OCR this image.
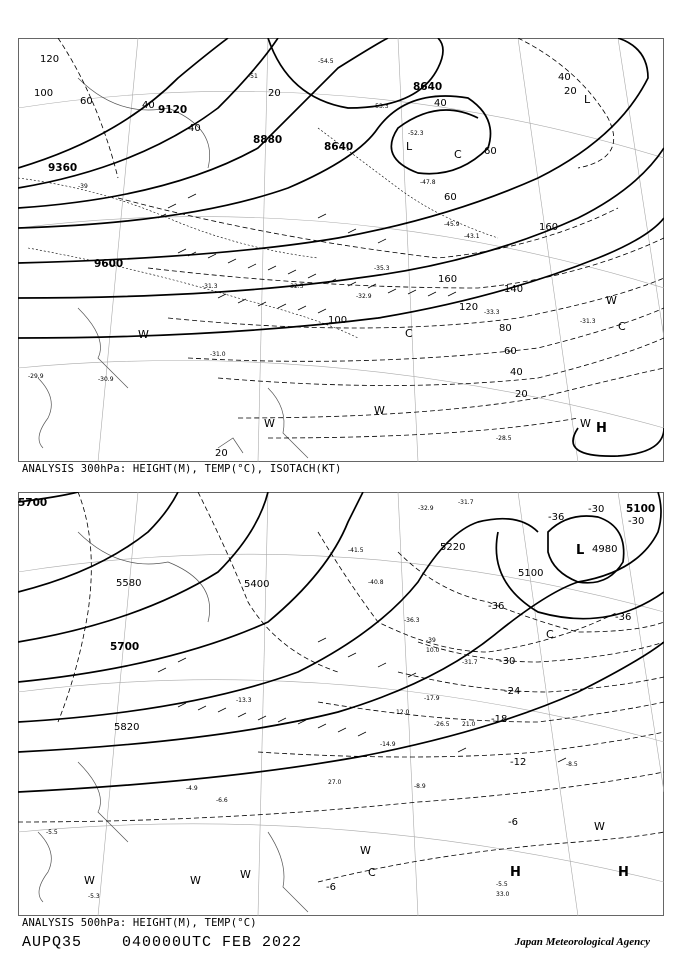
9120
8880
8640
8640
9360
9600
120
100
60	40
40
20
140
160
160
120
100
80
60
40
20
20
40
40
20
60
60
-51
-54.5
-53.3
-52.3
-47.8
-45.9
-43.1
-39
-35.3
-32.9
-31.3	-32.5
-33.3
-28.5
-31.0
-30.9
-29.9
-31.3
L
L
W
W
W	W
W
C
C
H
C
ANALYSIS 300hPa: HEIGHT(M), TEMP(°C), ISOTACH(KT)
5700
5580	5400
5220
5100
4980
5100
5700
5820
-30
-36
-36
-30
-24
-18
-12
-6
-6
-30
-36
-31.7
-32.9
-41.5
-40.8
-39
-36.3
-31.7
-26.5
-17.9
-14.9
-13.3
-8.9
-8.5
-5.5
-4.9
-6.6
-5.3
-5.5
10.0
12.0
21.0
27.0
33.0
L
W	W	W
W
C
C
H	H
W
ANALYSIS 500hPa: HEIGHT(M), TEMP(°C)
AUPQ35	040000UTC FEB 2022	Japan Meteorological Agency
